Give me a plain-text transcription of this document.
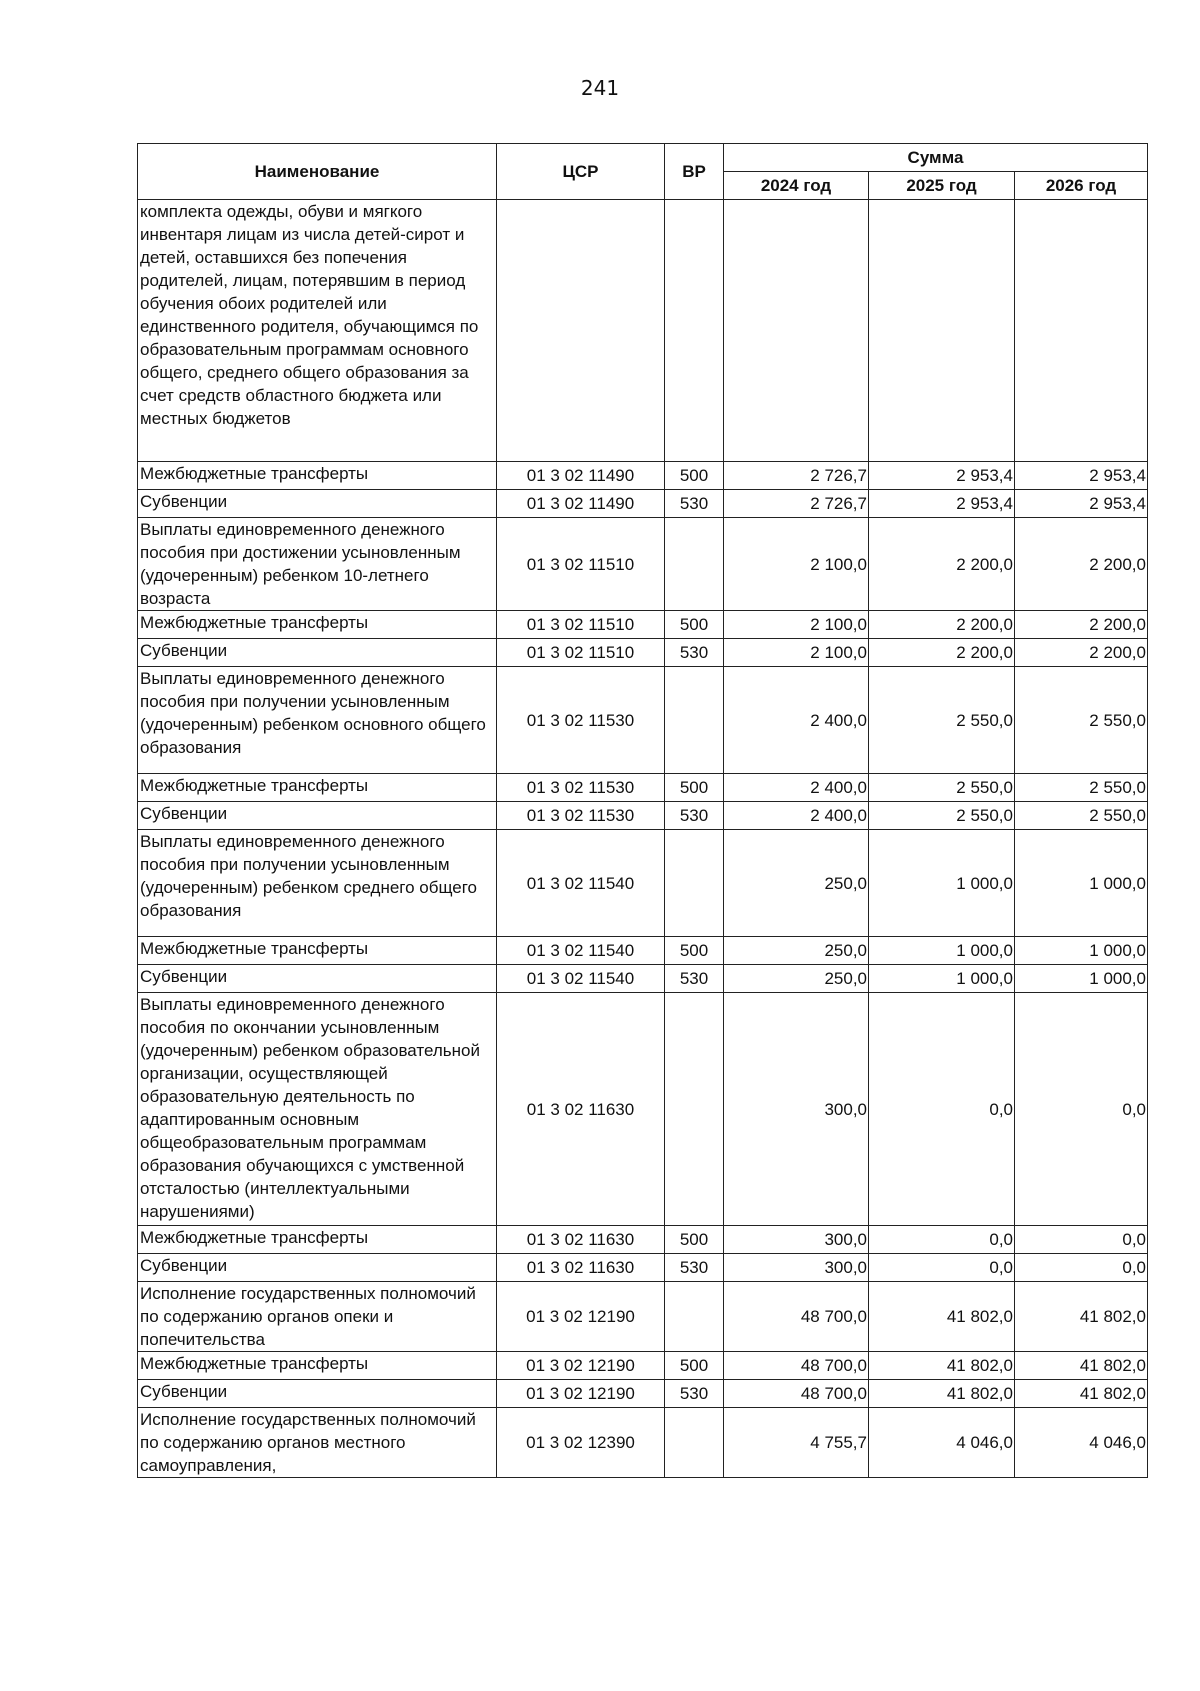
241
Наименование	ЦСР	ВР	Сумма		
			2024 год	2025 год	2026 год
комплекта одежды, обуви и мягкого инвентаря лицам из числа детей-сирот и детей, оставшихся без попечения родителей, лицам, потерявшим в период обучения обоих родителей или единственного родителя, обучающимся по образовательным программам основного общего, среднего общего образования за счет средств областного бюджета или местных бюджетов					
Межбюджетные трансферты	01 3 02 11490	500	2 726,7	2 953,4	2 953,4
Субвенции	01 3 02 11490	530	2 726,7	2 953,4	2 953,4
Выплаты единовременного денежного пособия при достижении усыновленным (удочеренным) ребенком 10-летнего возраста	01 3 02 11510		2 100,0	2 200,0	2 200,0
Межбюджетные трансферты	01 3 02 11510	500	2 100,0	2 200,0	2 200,0
Субвенции	01 3 02 11510	530	2 100,0	2 200,0	2 200,0
Выплаты единовременного денежного пособия при получении усыновленным (удочеренным) ребенком основного общего образования	01 3 02 11530		2 400,0	2 550,0	2 550,0
Межбюджетные трансферты	01 3 02 11530	500	2 400,0	2 550,0	2 550,0
Субвенции	01 3 02 11530	530	2 400,0	2 550,0	2 550,0
Выплаты единовременного денежного пособия при получении усыновленным (удочеренным) ребенком среднего общего образования	01 3 02 11540		250,0	1 000,0	1 000,0
Межбюджетные трансферты	01 3 02 11540	500	250,0	1 000,0	1 000,0
Субвенции	01 3 02 11540	530	250,0	1 000,0	1 000,0
Выплаты единовременного денежного пособия по окончании усыновленным (удочеренным) ребенком образовательной организации, осуществляющей образовательную деятельность по адаптированным основным общеобразовательным программам образования обучающихся с умственной отсталостью (интеллектуальными нарушениями)	01 3 02 11630		300,0	0,0	0,0
Межбюджетные трансферты	01 3 02 11630	500	300,0	0,0	0,0
Субвенции	01 3 02 11630	530	300,0	0,0	0,0
Исполнение государственных полномочий по содержанию органов опеки и попечительства	01 3 02 12190		48 700,0	41 802,0	41 802,0
Межбюджетные трансферты	01 3 02 12190	500	48 700,0	41 802,0	41 802,0
Субвенции	01 3 02 12190	530	48 700,0	41 802,0	41 802,0
Исполнение государственных полномочий по содержанию органов местного самоуправления,	01 3 02 12390		4 755,7	4 046,0	4 046,0
